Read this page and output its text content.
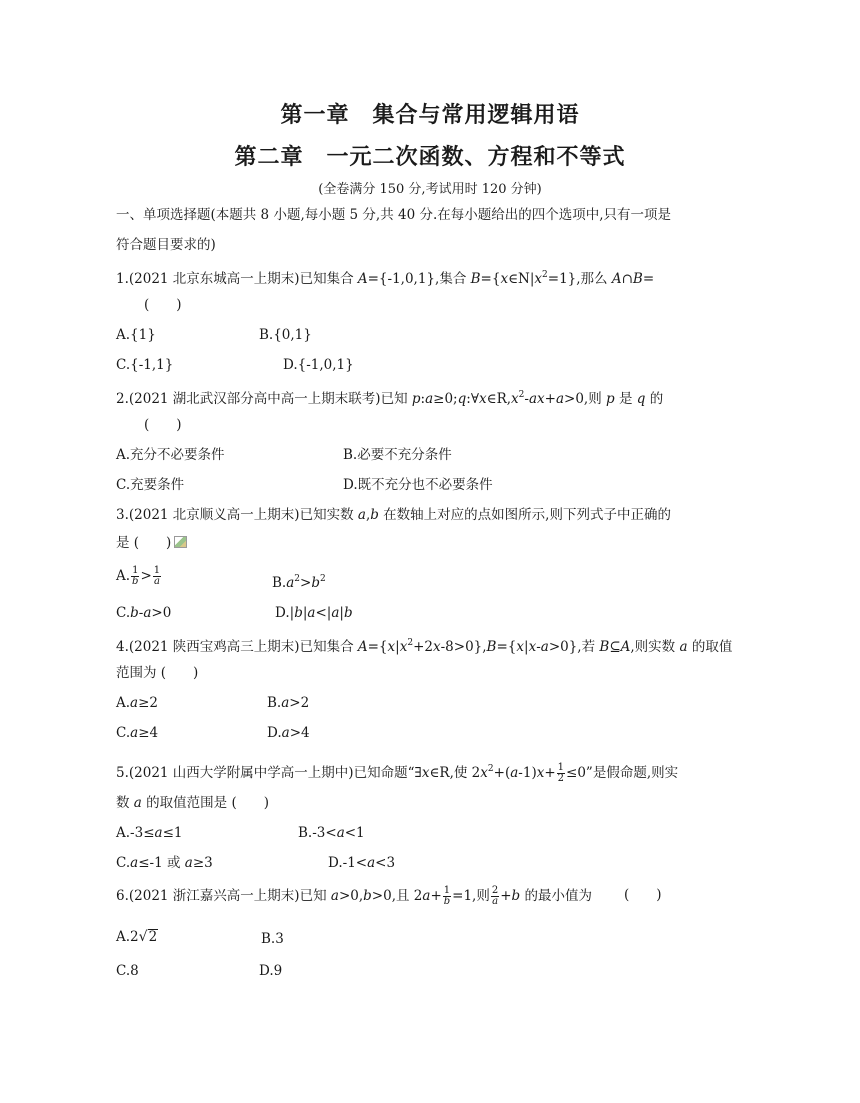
第一章　集合与常用逻辑用语
第二章　一元二次函数、方程和不等式
(全卷满分 150 分,考试用时 120 分钟)
一、单项选择题(本题共 8 小题,每小题 5 分,共 40 分.在每小题给出的四个选项中,只有一项是
符合题目要求的)
1.(2021 北京东城高一上期末)已知集合 A={-1,0,1},集合 $B=\{x\in N|x^2=1\}$,那么 A∩B=
(　　)
A.{1}	B.{0,1}
C.{-1,1}	D.{-1,0,1}
2.(2021 湖北武汉部分高中高一上期末联考)已知 $p:a\ge 0;q:\forall x\in R,x^2-ax+a>0$,则 p 是 q 的
(　　)
A.充分不必要条件	B.必要不充分条件
C.充要条件	D.既不充分也不必要条件
3.(2021 北京顺义高一上期末)已知实数 a,b 在数轴上对应的点如图所示,则下列式子中正确的
是 (　　)
A. $\frac{1}{b} > \frac{1}{a}$	$B.a^2>b^2$
C.b-a>0	D.|b|a<|a|b
4.(2021 陕西宝鸡高三上期末)已知集合 $A=\{x|x^2+2x-8>0\},B=\{x|x-a>0\}$,若 B⊆A,则实数 a 的取值
范围为 (　　)
A.a≥2	B.a>2
C.a≥4	D.a>4
5.(2021 山西大学附属中学高一上期中)已知命题“∃x∈R,使 $2x^2+(a-1)x+ \frac{1}{2} \le 0$”是假命题,则实
数 a 的取值范围是 (　　)
A.-3≤a≤1	B.-3<a<1
C.a≤-1 或 a≥3	D.-1<a<3
6.(2021 浙江嘉兴高一上期末)已知 a>0,b>0,且 $2a+ \frac{1}{b} =1$,则 $\frac{2}{a} +b$ 的最小值为 (　　)
A.2√2	B.3
C.8	D.9
